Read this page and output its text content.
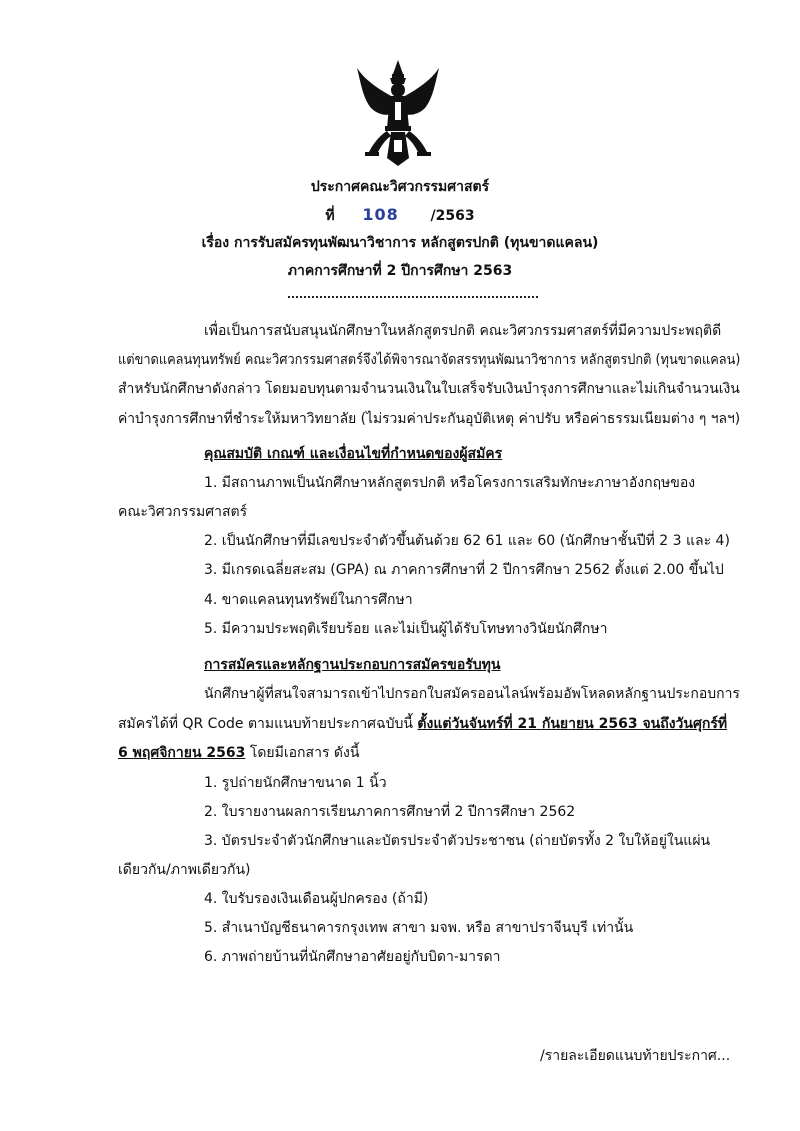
ประกาศคณะวิศวกรรมศาสตร์
ที่ 108 /2563
เรื่อง การรับสมัครทุนพัฒนาวิชาการ หลักสูตรปกติ (ทุนขาดแคลน)
ภาคการศึกษาที่ 2 ปีการศึกษา 2563
เพื่อเป็นการสนับสนุนนักศึกษาในหลักสูตรปกติ คณะวิศวกรรมศาสตร์ที่มีความประพฤติดี
แต่ขาดแคลนทุนทรัพย์ คณะวิศวกรรมศาสตร์จึงได้พิจารณาจัดสรรทุนพัฒนาวิชาการ หลักสูตรปกติ (ทุนขาดแคลน)
สำหรับนักศึกษาดังกล่าว โดยมอบทุนตามจำนวนเงินในใบเสร็จรับเงินบำรุงการศึกษาและไม่เกินจำนวนเงิน
ค่าบำรุงการศึกษาที่ชำระให้มหาวิทยาลัย (ไม่รวมค่าประกันอุบัติเหตุ ค่าปรับ หรือค่าธรรมเนียมต่าง ๆ ฯลฯ)
คุณสมบัติ เกณฑ์ และเงื่อนไขที่กำหนดของผู้สมัคร
1. มีสถานภาพเป็นนักศึกษาหลักสูตรปกติ หรือโครงการเสริมทักษะภาษาอังกฤษของ
คณะวิศวกรรมศาสตร์
2. เป็นนักศึกษาที่มีเลขประจำตัวขึ้นต้นด้วย 62 61 และ 60 (นักศึกษาชั้นปีที่ 2 3 และ 4)
3. มีเกรดเฉลี่ยสะสม (GPA) ณ ภาคการศึกษาที่ 2 ปีการศึกษา 2562 ตั้งแต่ 2.00 ขึ้นไป
4. ขาดแคลนทุนทรัพย์ในการศึกษา
5. มีความประพฤติเรียบร้อย และไม่เป็นผู้ได้รับโทษทางวินัยนักศึกษา
การสมัครและหลักฐานประกอบการสมัครขอรับทุน
นักศึกษาผู้ที่สนใจสามารถเข้าไปกรอกใบสมัครออนไลน์พร้อมอัพโหลดหลักฐานประกอบการ
สมัครได้ที่ QR Code ตามแนบท้ายประกาศฉบับนี้ ตั้งแต่วันจันทร์ที่ 21 กันยายน 2563 จนถึงวันศุกร์ที่
6 พฤศจิกายน 2563 โดยมีเอกสาร ดังนี้
1. รูปถ่ายนักศึกษาขนาด 1 นิ้ว
2. ใบรายงานผลการเรียนภาคการศึกษาที่ 2 ปีการศึกษา 2562
3. บัตรประจำตัวนักศึกษาและบัตรประจำตัวประชาชน (ถ่ายบัตรทั้ง 2 ใบให้อยู่ในแผ่น
เดียวกัน/ภาพเดียวกัน)
4. ใบรับรองเงินเดือนผู้ปกครอง (ถ้ามี)
5. สำเนาบัญชีธนาคารกรุงเทพ สาขา มจพ. หรือ สาขาปราจีนบุรี เท่านั้น
6. ภาพถ่ายบ้านที่นักศึกษาอาศัยอยู่กับบิดา-มารดา
/รายละเอียดแนบท้ายประกาศ...
